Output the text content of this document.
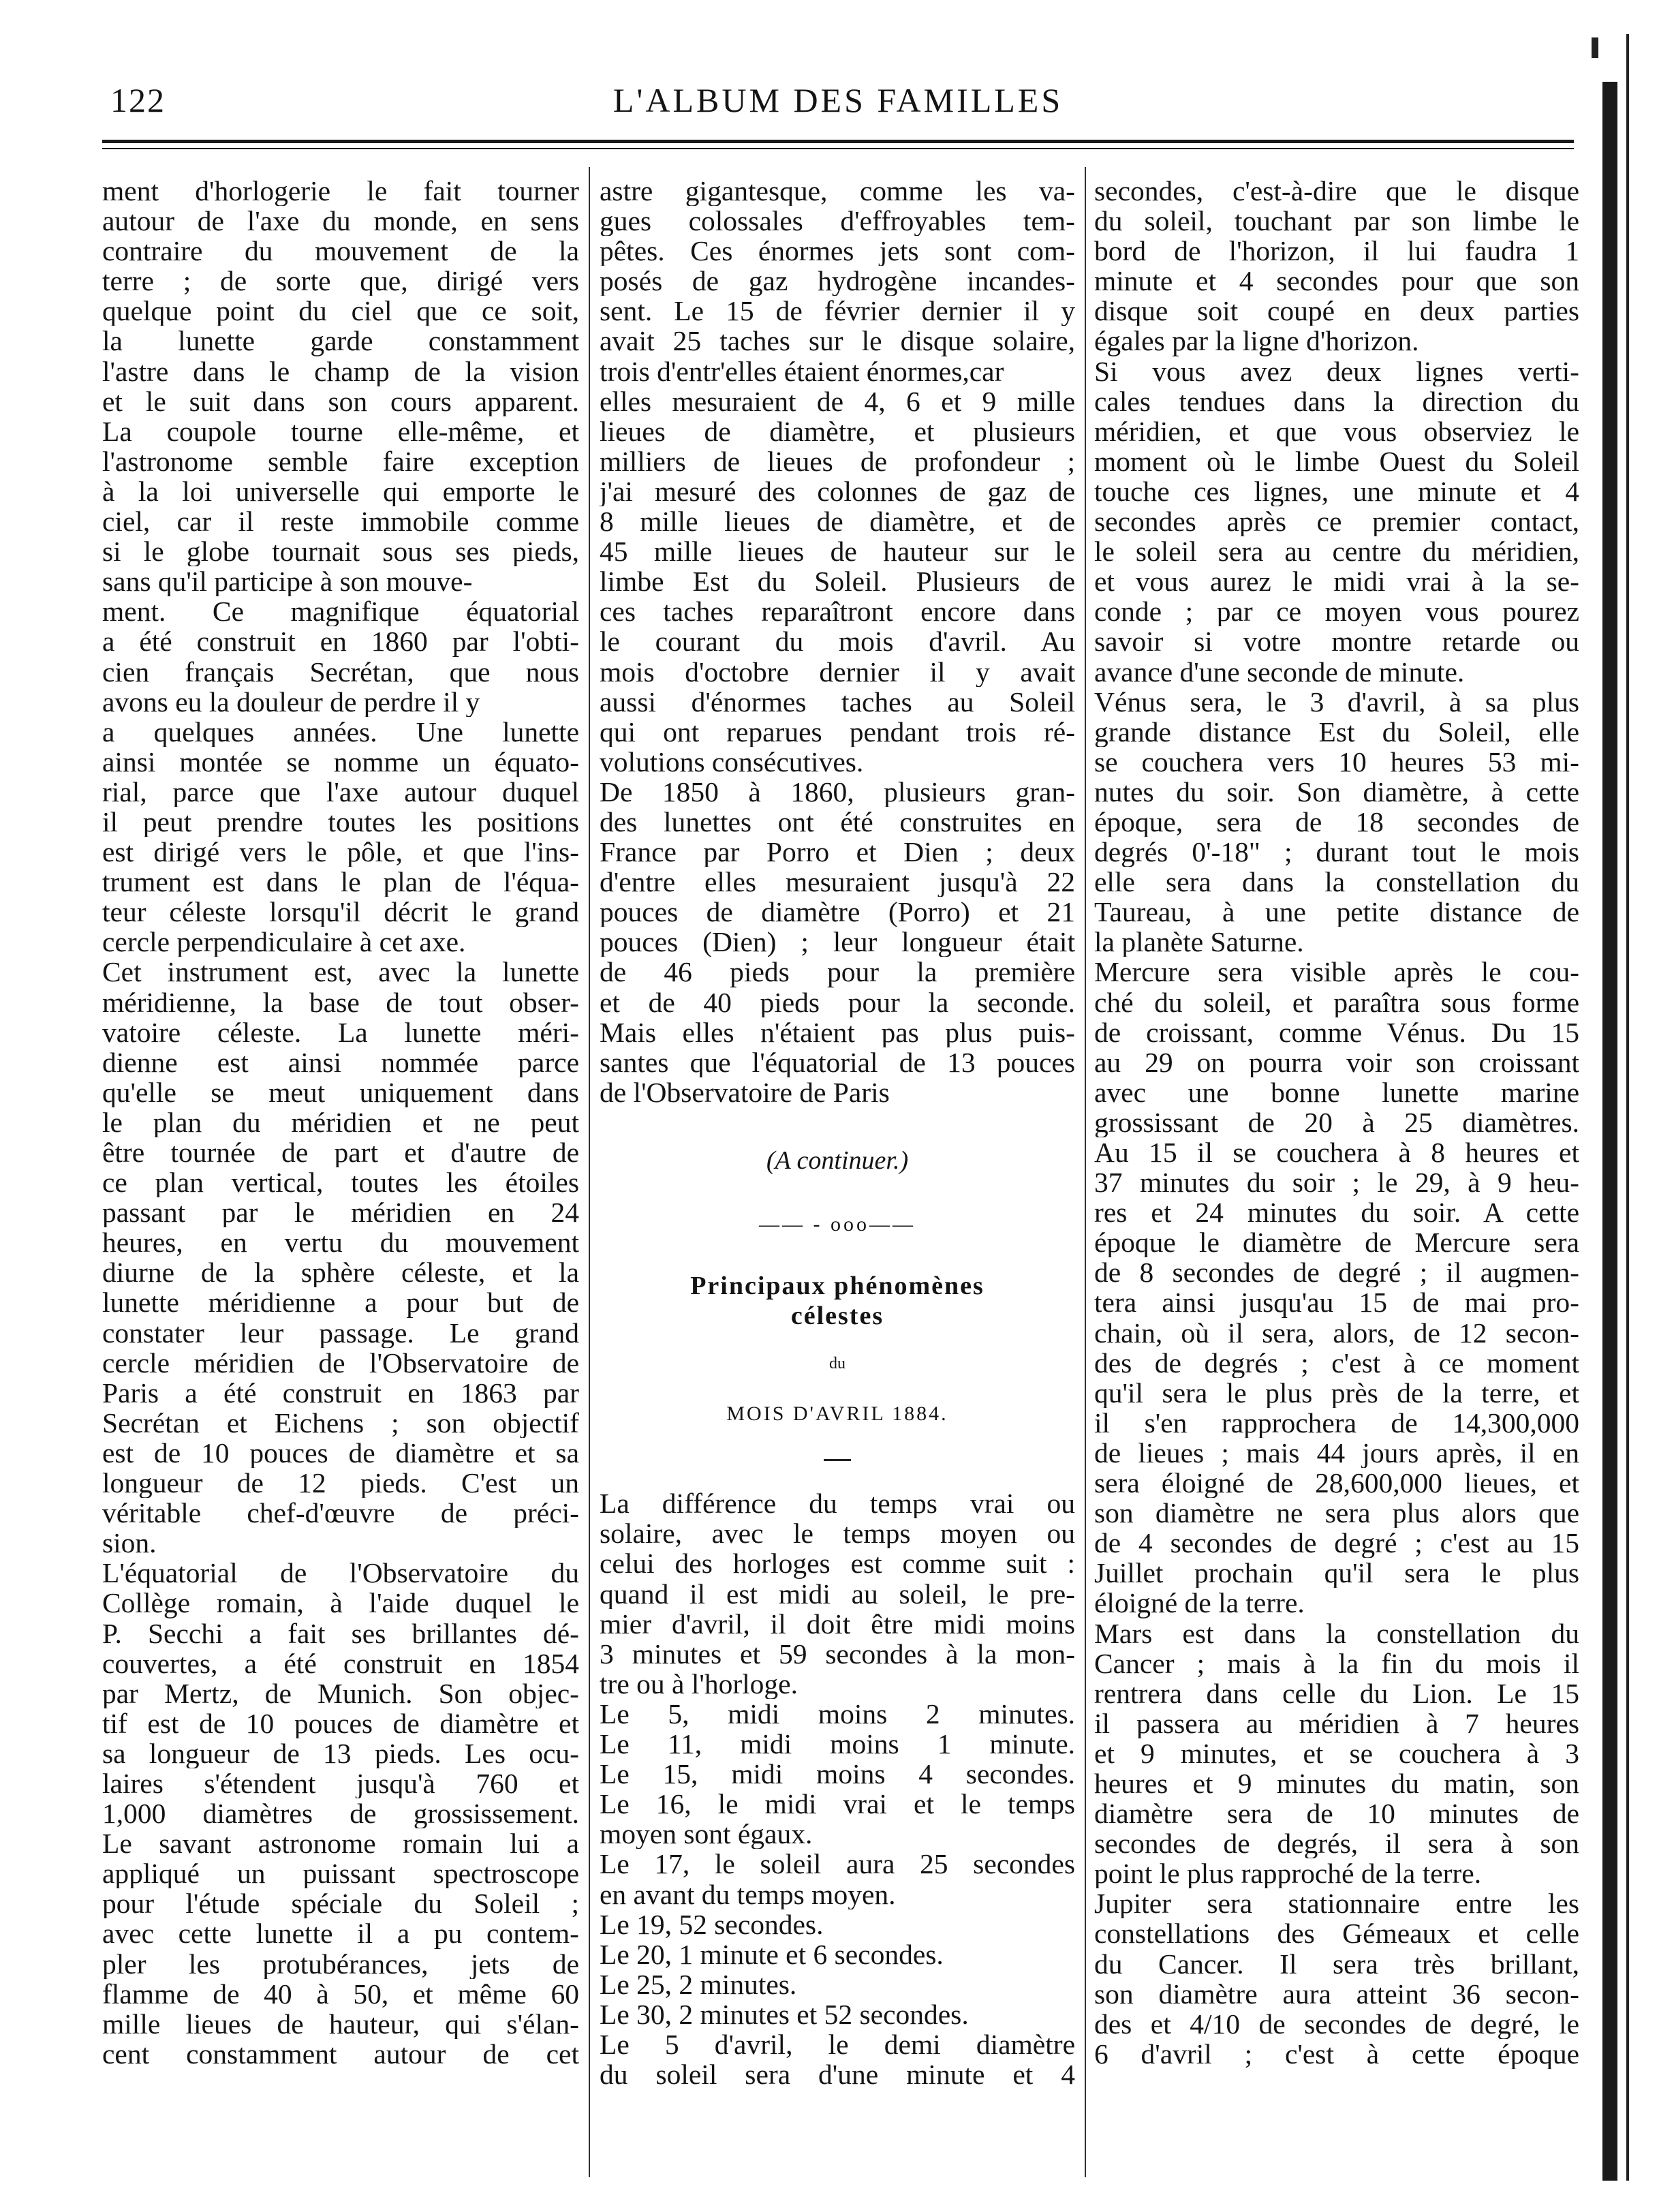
122	L'ALBUM DES FAMILLES
ment d'horlogerie le fait tourner
autour de l'axe du monde, en sens
contraire du mouvement de la
terre ; de sorte que, dirigé vers
quelque point du ciel que ce soit,
la lunette garde constamment
l'astre dans le champ de la vision
et le suit dans son cours apparent.
La coupole tourne elle-même, et
l'astronome semble faire exception
à la loi universelle qui emporte le
ciel, car il reste immobile comme
si le globe tournait sous ses pieds,
sans qu'il participe à son mouve-
ment. Ce magnifique équatorial
a été construit en 1860 par l'obti-
cien français Secrétan, que nous
avons eu la douleur de perdre il y
a quelques années. Une lunette
ainsi montée se nomme un équato-
rial, parce que l'axe autour duquel
il peut prendre toutes les positions
est dirigé vers le pôle, et que l'ins-
trument est dans le plan de l'équa-
teur céleste lorsqu'il décrit le grand
cercle perpendiculaire à cet axe.
Cet instrument est, avec la lunette
méridienne, la base de tout obser-
vatoire céleste. La lunette méri-
dienne est ainsi nommée parce
qu'elle se meut uniquement dans
le plan du méridien et ne peut
être tournée de part et d'autre de
ce plan vertical, toutes les étoiles
passant par le méridien en 24
heures, en vertu du mouvement
diurne de la sphère céleste, et la
lunette méridienne a pour but de
constater leur passage. Le grand
cercle méridien de l'Observatoire de
Paris a été construit en 1863 par
Secrétan et Eichens ; son objectif
est de 10 pouces de diamètre et sa
longueur de 12 pieds. C'est un
véritable chef-d'œuvre de préci-
sion.
L'équatorial de l'Observatoire du
Collège romain, à l'aide duquel le
P. Secchi a fait ses brillantes dé-
couvertes, a été construit en 1854
par Mertz, de Munich. Son objec-
tif est de 10 pouces de diamètre et
sa longueur de 13 pieds. Les ocu-
laires s'étendent jusqu'à 760 et
1,000 diamètres de grossissement.
Le savant astronome romain lui a
appliqué un puissant spectroscope
pour l'étude spéciale du Soleil ;
avec cette lunette il a pu contem-
pler les protubérances, jets de
flamme de 40 à 50, et même 60
mille lieues de hauteur, qui s'élan-
cent constamment autour de cet
astre gigantesque, comme les va-
gues colossales d'effroyables tem-
pêtes. Ces énormes jets sont com-
posés de gaz hydrogène incandes-
sent. Le 15 de février dernier il y
avait 25 taches sur le disque solaire,
trois d'entr'elles étaient énormes,car
elles mesuraient de 4, 6 et 9 mille
lieues de diamètre, et plusieurs
milliers de lieues de profondeur ;
j'ai mesuré des colonnes de gaz de
8 mille lieues de diamètre, et de
45 mille lieues de hauteur sur le
limbe Est du Soleil. Plusieurs de
ces taches reparaîtront encore dans
le courant du mois d'avril. Au
mois d'octobre dernier il y avait
aussi d'énormes taches au Soleil
qui ont reparues pendant trois ré-
volutions consécutives.
De 1850 à 1860, plusieurs gran-
des lunettes ont été construites en
France par Porro et Dien ; deux
d'entre elles mesuraient jusqu'à 22
pouces de diamètre (Porro) et 21
pouces (Dien) ; leur longueur était
de 46 pieds pour la première
et de 40 pieds pour la seconde.
Mais elles n'étaient pas plus puis-
santes que l'équatorial de 13 pouces
de l'Observatoire de Paris
(A continuer.)
—— - ooo——
Principaux phénomènes
célestes
du
MOIS D'AVRIL 1884.
La différence du temps vrai ou
solaire, avec le temps moyen ou
celui des horloges est comme suit :
quand il est midi au soleil, le pre-
mier d'avril, il doit être midi moins
3 minutes et 59 secondes à la mon-
tre ou à l'horloge.
Le 5, midi moins 2 minutes.
Le 11, midi moins 1 minute.
Le 15, midi moins 4 secondes.
Le 16, le midi vrai et le temps
moyen sont égaux.
Le 17, le soleil aura 25 secondes
en avant du temps moyen.
Le 19, 52 secondes.
Le 20, 1 minute et 6 secondes.
Le 25, 2 minutes.
Le 30, 2 minutes et 52 secondes.
Le 5 d'avril, le demi diamètre
du soleil sera d'une minute et 4
secondes, c'est-à-dire que le disque
du soleil, touchant par son limbe le
bord de l'horizon, il lui faudra 1
minute et 4 secondes pour que son
disque soit coupé en deux parties
égales par la ligne d'horizon.
Si vous avez deux lignes verti-
cales tendues dans la direction du
méridien, et que vous observiez le
moment où le limbe Ouest du Soleil
touche ces lignes, une minute et 4
secondes après ce premier contact,
le soleil sera au centre du méridien,
et vous aurez le midi vrai à la se-
conde ; par ce moyen vous pourez
savoir si votre montre retarde ou
avance d'une seconde de minute.
Vénus sera, le 3 d'avril, à sa plus
grande distance Est du Soleil, elle
se couchera vers 10 heures 53 mi-
nutes du soir. Son diamètre, à cette
époque, sera de 18 secondes de
degrés 0'-18" ; durant tout le mois
elle sera dans la constellation du
Taureau, à une petite distance de
la planète Saturne.
Mercure sera visible après le cou-
ché du soleil, et paraîtra sous forme
de croissant, comme Vénus. Du 15
au 29 on pourra voir son croissant
avec une bonne lunette marine
grossissant de 20 à 25 diamètres.
Au 15 il se couchera à 8 heures et
37 minutes du soir ; le 29, à 9 heu-
res et 24 minutes du soir. A cette
époque le diamètre de Mercure sera
de 8 secondes de degré ; il augmen-
tera ainsi jusqu'au 15 de mai pro-
chain, où il sera, alors, de 12 secon-
des de degrés ; c'est à ce moment
qu'il sera le plus près de la terre, et
il s'en rapprochera de 14,300,000
de lieues ; mais 44 jours après, il en
sera éloigné de 28,600,000 lieues, et
son diamètre ne sera plus alors que
de 4 secondes de degré ; c'est au 15
Juillet prochain qu'il sera le plus
éloigné de la terre.
Mars est dans la constellation du
Cancer ; mais à la fin du mois il
rentrera dans celle du Lion. Le 15
il passera au méridien à 7 heures
et 9 minutes, et se couchera à 3
heures et 9 minutes du matin, son
diamètre sera de 10 minutes de
secondes de degrés, il sera à son
point le plus rapproché de la terre.
Jupiter sera stationnaire entre les
constellations des Gémeaux et celle
du Cancer. Il sera très brillant,
son diamètre aura atteint 36 secon-
des et 4/10 de secondes de degré, le
6 d'avril ; c'est à cette époque
